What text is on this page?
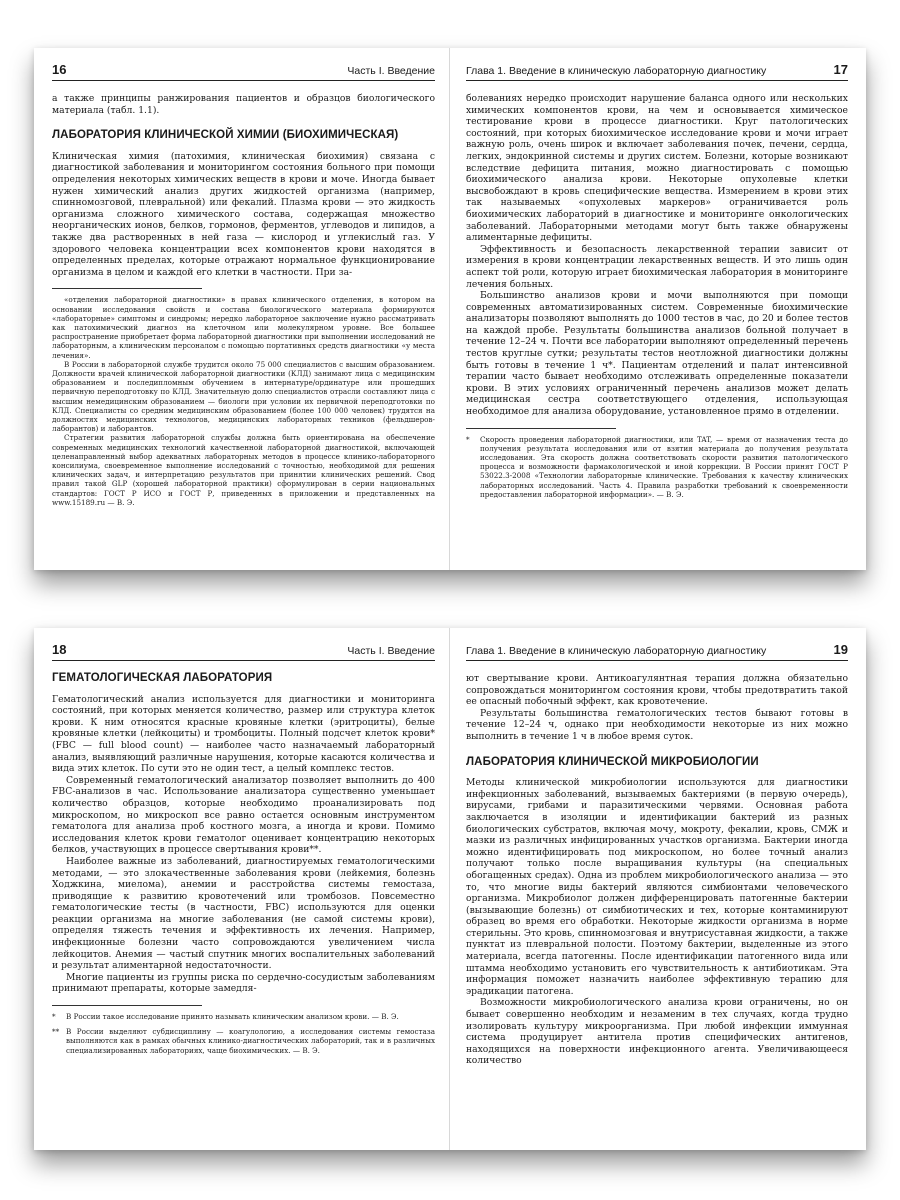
16	Часть I. Введение

а также принципы ранжирования пациентов и образцов биологического материала (табл. 1.1).

ЛАБОРАТОРИЯ КЛИНИЧЕСКОЙ ХИМИИ (БИОХИМИЧЕСКАЯ)

Клиническая химия (патохимия, клиническая биохимия) связана с диагностикой заболевания и мониторингом состояния больного при помощи определения некоторых химических веществ в крови и моче. Иногда бывает нужен химический анализ других жидкостей организма (например, спинномозговой, плевральной) или фекалий. Плазма крови — это жидкость организма сложного химического состава, содержащая множество неорганических ионов, белков, гормонов, ферментов, углеводов и липидов, а также два растворенных в ней газа — кислород и углекислый газ. У здорового человека концентрации всех компонентов крови находятся в определенных пределах, которые отражают нормальное функционирование организма в целом и каждой его клетки в частности. При за-

«отделения лабораторной диагностики» в правах клинического отделения, в котором на основании исследования свойств и состава биологического материала формируются «лабораторные» симптомы и синдромы; нередко лабораторное заключение нужно рассматривать как патохимический диагноз на клеточном или молекулярном уровне. Все большее распространение приобретает форма лабораторной диагностики при выполнении исследований не лабораторным, а клиническим персоналом с помощью портативных средств диагностики «у места лечения».

В России в лабораторной службе трудится около 75 000 специалистов с высшим образованием. Должности врачей клинической лабораторной диагностики (КЛД) занимают лица с медицинским образованием и последипломным обучением в интернатуре/ординатуре или прошедших первичную переподготовку по КЛД. Значительную долю специалистов отрасли составляют лица с высшим немедицинским образованием — биологи при условии их первичной переподготовки по КЛД. Специалисты со средним медицинским образованием (более 100 000 человек) трудятся на должностях медицинских технологов, медицинских лабораторных техников (фельдшеров-лаборантов) и лаборантов.

Стратегии развития лабораторной службы должна быть ориентирована на обеспечение современных медицинских технологий качественной лабораторной диагностикой, включающей целенаправленный выбор адекватных лабораторных методов в процессе клинико-лабораторного консилиума, своевременное выполнение исследований с точностью, необходимой для решения клинических задач, и интерпретацию результатов при принятии клинических решений. Свод правил такой GLP (хорошей лабораторной практики) сформулирован в серии национальных стандартов: ГОСТ Р ИСО и ГОСТ Р, приведенных в приложении и представленных на www.15189.ru — В. Э.

Глава 1. Введение в клиническую лабораторную диагностику	17

болеваниях нередко происходит нарушение баланса одного или нескольких химических компонентов крови, на чем и основывается химическое тестирование крови в процессе диагностики. Круг патологических состояний, при которых биохимическое исследование крови и мочи играет важную роль, очень широк и включает заболевания почек, печени, сердца, легких, эндокринной системы и других систем. Болезни, которые возникают вследствие дефицита питания, можно диагностировать с помощью биохимического анализа крови. Некоторые опухолевые клетки высвобождают в кровь специфические вещества. Измерением в крови этих так называемых «опухолевых маркеров» ограничивается роль биохимических лабораторий в диагностике и мониторинге онкологических заболеваний. Лабораторными методами могут быть также обнаружены алиментарные дефициты.

Эффективность и безопасность лекарственной терапии зависит от измерения в крови концентрации лекарственных веществ. И это лишь один аспект той роли, которую играет биохимическая лаборатория в мониторинге лечения больных.

Большинство анализов крови и мочи выполняются при помощи современных автоматизированных систем. Современные биохимические анализаторы позволяют выполнять до 1000 тестов в час, до 20 и более тестов на каждой пробе. Результаты большинства анализов больной получает в течение 12–24 ч. Почти все лаборатории выполняют определенный перечень тестов круглые сутки; результаты тестов неотложной диагностики должны быть готовы в течение 1 ч*. Пациентам отделений и палат интенсивной терапии часто бывает необходимо отслеживать определенные показатели крови. В этих условиях ограниченный перечень анализов может делать медицинская сестра соответствующего отделения, использующая необходимое для анализа оборудование, установленное прямо в отделении.

* Скорость проведения лабораторной диагностики, или TAT, — время от назначения теста до получения результата исследования или от взятия материала до получения результата исследования. Эта скорость должна соответствовать скорости развития патологического процесса и возможности фармакологической и иной коррекции. В России принят ГОСТ Р 53022.3-2008 «Технологии лабораторные клинические. Требования к качеству клинических лабораторных исследований. Часть 4. Правила разработки требований к своевременности предоставления лабораторной информации». — В. Э.

18	Часть I. Введение
ГЕМАТОЛОГИЧЕСКАЯ ЛАБОРАТОРИЯ

Гематологический анализ используется для диагностики и мониторинга состояний, при которых меняется количество, размер или структура клеток крови. К ним относятся красные кровяные клетки (эритроциты), белые кровяные клетки (лейкоциты) и тромбоциты. Полный подсчет клеток крови* (FBC — full blood count) — наиболее часто назначаемый лабораторный анализ, выявляющий различные нарушения, которые касаются количества и вида этих клеток. По сути это не один тест, а целый комплекс тестов.

Современный гематологический анализатор позволяет выполнить до 400 FBC-анализов в час. Использование анализатора существенно уменьшает количество образцов, которые необходимо проанализировать под микроскопом, но микроскоп все равно остается основным инструментом гематолога для анализа проб костного мозга, а иногда и крови. Помимо исследования клеток крови гематолог оценивает концентрацию некоторых белков, участвующих в процессе свертывания крови**.

Наиболее важные из заболеваний, диагностируемых гематологическими методами, — это злокачественные заболевания крови (лейкемия, болезнь Ходжкина, миелома), анемии и расстройства системы гемостаза, приводящие к развитию кровотечений или тромбозов. Повсеместно гематологические тесты (в частности, FBC) используются для оценки реакции организма на многие заболевания (не самой системы крови), определяя тяжесть течения и эффективность их лечения. Например, инфекционные болезни часто сопровождаются увеличением числа лейкоцитов. Анемия — частый спутник многих воспалительных заболеваний и результат алиментарной недостаточности.

Многие пациенты из группы риска по сердечно-сосудистым заболеваниям принимают препараты, которые замедля-

* В России такое исследование принято называть клиническим анализом крови. — В. Э.

** В России выделяют субдисциплину — коагулологию, а исследования системы гемостаза выполняются как в рамках обычных клинико-диагностических лабораторий, так и в различных специализированных лабораториях, чаще биохимических. — В. Э.

Глава 1. Введение в клиническую лабораторную диагностику	19

ют свертывание крови. Антикоагулянтная терапия должна обязательно сопровождаться мониторингом состояния крови, чтобы предотвратить такой ее опасный побочный эффект, как кровотечение.

Результаты большинства гематологических тестов бывают готовы в течение 12–24 ч, однако при необходимости некоторые из них можно выполнить в течение 1 ч в любое время суток.

ЛАБОРАТОРИЯ КЛИНИЧЕСКОЙ МИКРОБИОЛОГИИ

Методы клинической микробиологии используются для диагностики инфекционных заболеваний, вызываемых бактериями (в первую очередь), вирусами, грибами и паразитическими червями. Основная работа заключается в изоляции и идентификации бактерий из разных биологических субстратов, включая мочу, мокроту, фекалии, кровь, СМЖ и мазки из различных инфицированных участков организма. Бактерии иногда можно идентифицировать под микроскопом, но более точный анализ получают только после выращивания культуры (на специальных обогащенных средах). Одна из проблем микробиологического анализа — это то, что многие виды бактерий являются симбионтами человеческого организма. Микробиолог должен дифференцировать патогенные бактерии (вызывающие болезнь) от симбиотических и тех, которые контаминируют образец во время его обработки. Некоторые жидкости организма в норме стерильны. Это кровь, спинномозговая и внутрисуставная жидкости, а также пунктат из плевральной полости. Поэтому бактерии, выделенные из этого материала, всегда патогенны. После идентификации патогенного вида или штамма необходимо установить его чувствительность к антибиотикам. Эта информация поможет назначить наиболее эффективную терапию для эрадикации патогена.

Возможности микробиологического анализа крови ограничены, но он бывает совершенно необходим и незаменим в тех случаях, когда трудно изолировать культуру микроорганизма. При любой инфекции иммунная система продуцирует антитела против специфических антигенов, находящихся на поверхности инфекционного агента. Увеличивающееся количество
